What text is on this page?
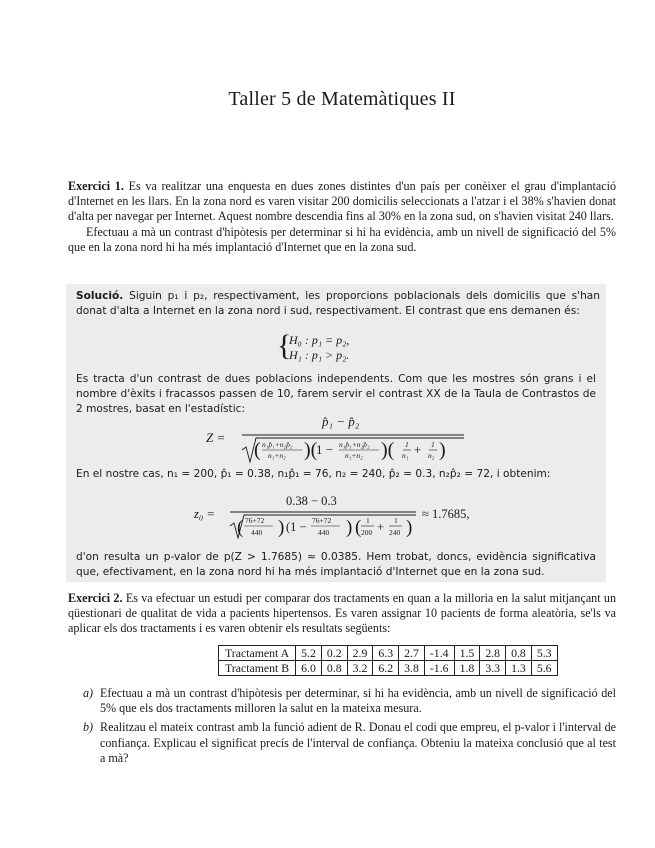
Taller 5 de Matemàtiques II

Exercici 1. Es va realitzar una enquesta en dues zones distintes d'un país per conèixer el grau d'implantació d'Internet en les llars. En la zona nord es varen visitar 200 domicilis seleccionats a l'atzar i el 38% s'havien donat d'alta per navegar per Internet. Aquest nombre descendia fins al 30% en la zona sud, on s'havien visitat 240 llars.

Efectuau a mà un contrast d'hipòtesis per determinar si hi ha evidència, amb un nivell de significació del 5% que en la zona nord hi ha més implantació d'Internet que en la zona sud.

Solució. Siguin p₁ i p₂, respectivament, les proporcions poblacionals dels domicilis que s'han donat d'alta a Internet en la zona nord i sud, respectivament. El contrast que ens demanen és:

{
H₀ : p₁ = p₂,
H₁ : p₁ > p₂.

Es tracta d'un contrast de dues poblacions independents. Com que les mostres són grans i el nombre d'èxits i fracassos passen de 10, farem servir el contrast XX de la Taula de Contrastos de 2 mostres, basat en l'estadístic:

Z =
p̂₁ − p̂₂
n₁p̂₁+n₂p̂₂
n₁+n₂
n₁p̂₁+n₂p̂₂
n₁+n₂
1
n₁
1
n₂
( )(
1 − )( + )

En el nostre cas, n₁ = 200, p̂₁ = 0.38, n₁p̂₁ = 76, n₂ = 240, p̂₂ = 0.3, n₂p̂₂ = 72, i obtenim:

z₀ =
0.38 − 0.3
( ) (1 − ) ( + )
76+72
440
76+72
440
1
200
1
240
≈ 1.7685,

d'on resulta un p-valor de p(Z > 1.7685) ≈ 0.0385. Hem trobat, doncs, evidència significativa que, efectivament, en la zona nord hi ha més implantació d'Internet que en la zona sud.

Exercici 2. Es va efectuar un estudi per comparar dos tractaments en quan a la milloria en la salut mitjançant un qüestionari de qualitat de vida a pacients hipertensos. Es varen assignar 10 pacients de forma aleatòria, se'ls va aplicar els dos tractaments i es varen obtenir els resultats següents:

Tractament A	5.2	0.2	2.9	6.3	2.7	-1.4	1.5	2.8	0.8	5.3
Tractament B	6.0	0.8	3.2	6.2	3.8	-1.6	1.8	3.3	1.3	5.6
a) Efectuau a mà un contrast d'hipòtesis per determinar, si hi ha evidència, amb un nivell de significació del 5% que els dos tractaments milloren la salut en la mateixa mesura.
b) Realitzau el mateix contrast amb la funció adient de R. Donau el codi que empreu, el p-valor i l'interval de confiança. Explicau el significat precís de l'interval de confiança. Obteniu la mateixa conclusió que al test a mà?
